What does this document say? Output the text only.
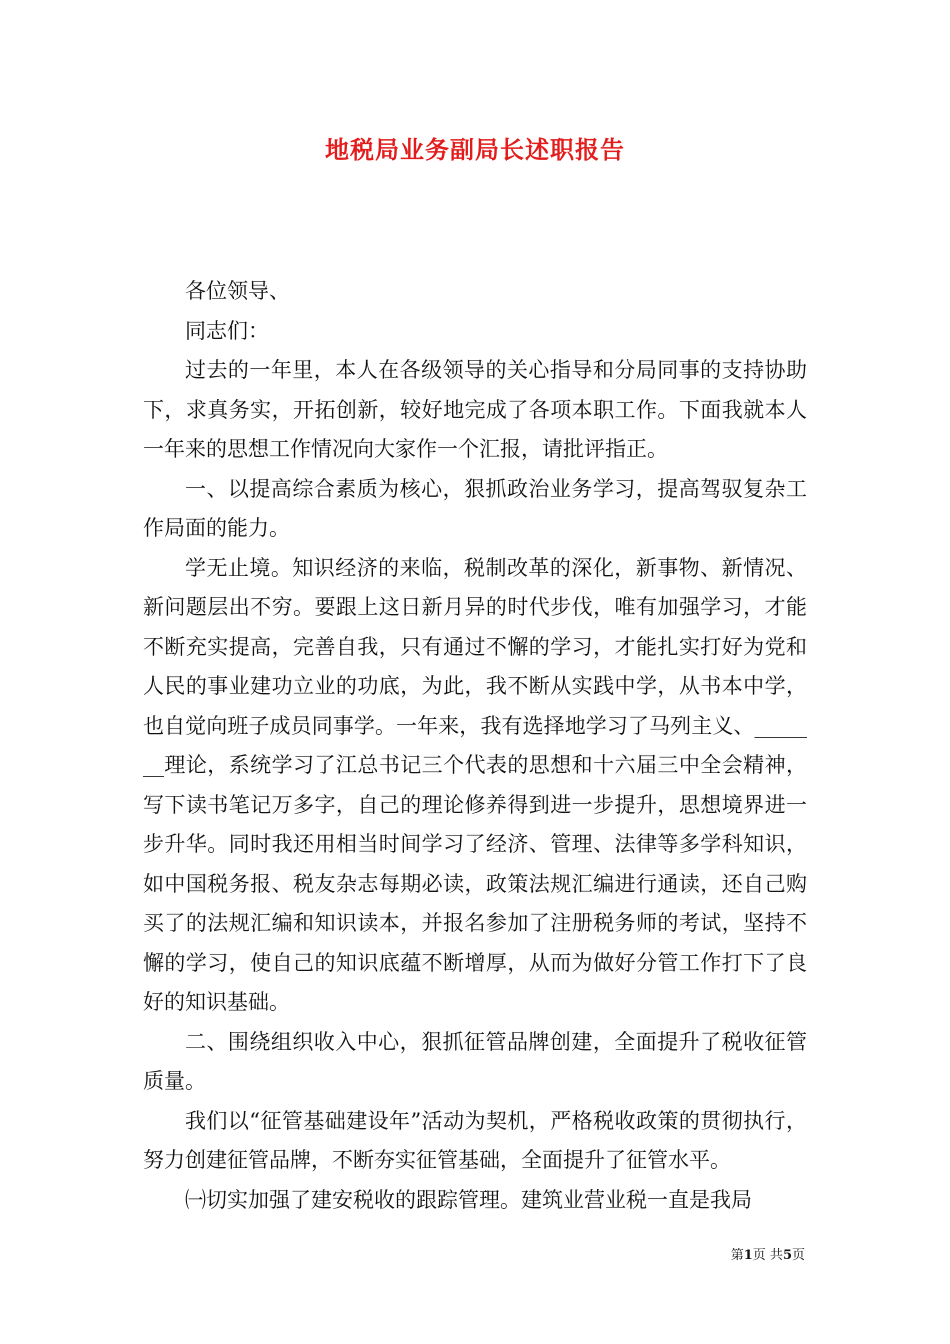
地税局业务副局长述职报告

各位领导、

同志们：

过去的一年里，本人在各级领导的关心指导和分局同事的支持协助下，求真务实，开拓创新，较好地完成了各项本职工作。下面我就本人一年来的思想工作情况向大家作一个汇报，请批评指正。

一、以提高综合素质为核心，狠抓政治业务学习，提高驾驭复杂工作局面的能力。

学无止境。知识经济的来临，税制改革的深化，新事物、新情况、新问题层出不穷。要跟上这日新月异的时代步伐，唯有加强学习，才能不断充实提高，完善自我，只有通过不懈的学习，才能扎实打好为党和人民的事业建功立业的功底，为此，我不断从实践中学，从书本中学，也自觉向班子成员同事学。一年来，我有选择地学习了马列主义、_______理论，系统学习了江总书记三个代表的思想和十六届三中全会精神，写下读书笔记万多字，自己的理论修养得到进一步提升，思想境界进一步升华。同时我还用相当时间学习了经济、管理、法律等多学科知识，如中国税务报、税友杂志每期必读，政策法规汇编进行通读，还自己购买了的法规汇编和知识读本，并报名参加了注册税务师的考试，坚持不懈的学习，使自己的知识底蕴不断增厚，从而为做好分管工作打下了良好的知识基础。

二、围绕组织收入中心，狠抓征管品牌创建，全面提升了税收征管质量。

我们以“征管基础建设年”活动为契机，严格税收政策的贯彻执行，努力创建征管品牌，不断夯实征管基础，全面提升了征管水平。

㈠切实加强了建安税收的跟踪管理。建筑业营业税一直是我局

第1页 共5页
